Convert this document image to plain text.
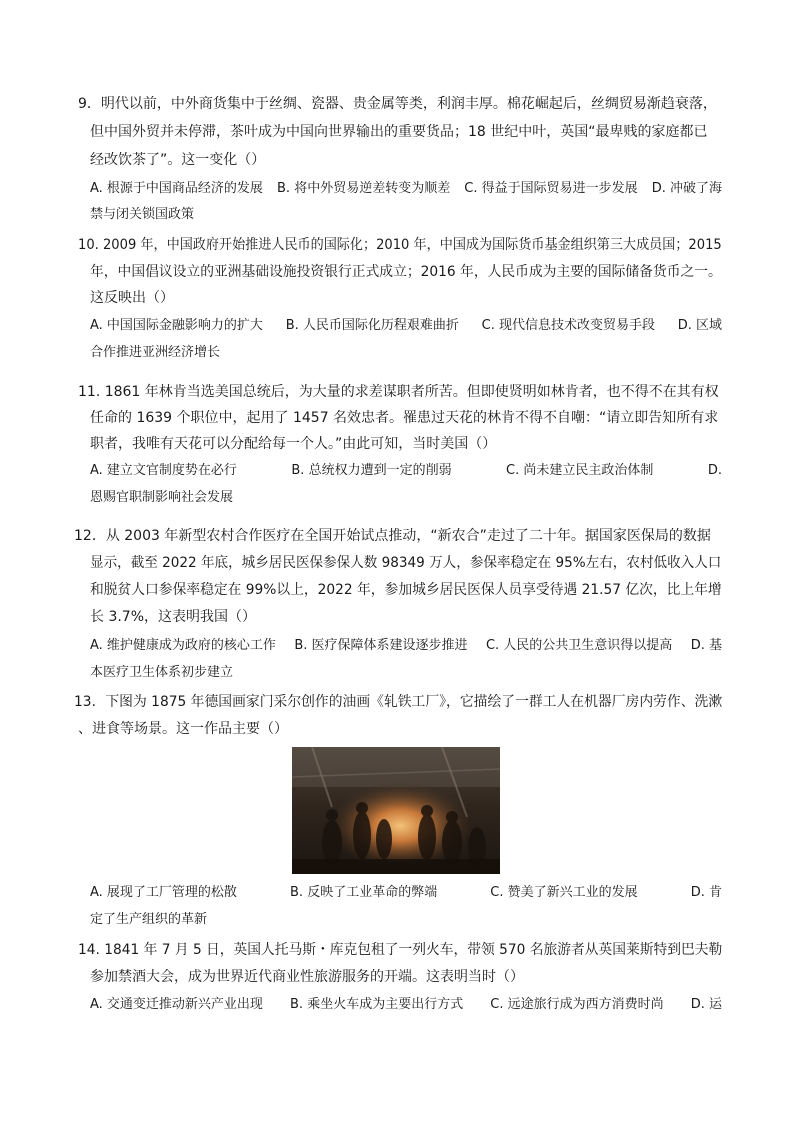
9．明代以前，中外商货集中于丝绸、瓷器、贵金属等类，利润丰厚。棉花崛起后，丝绸贸易渐趋衰落，
但中国外贸并未停滞，茶叶成为中国向世界输出的重要货品；18 世纪中叶，英国“最卑贱的家庭都已
经改饮茶了”。这一变化（）
A. 根源于中国商品经济的发展 B. 将中外贸易逆差转变为顺差 C. 得益于国际贸易进一步发展 D. 冲破了海
禁与闭关锁国政策
10. 2009 年，中国政府开始推进人民币的国际化；2010 年，中国成为国际货币基金组织第三大成员国；2015
年，中国倡议设立的亚洲基础设施投资银行正式成立；2016 年，人民币成为主要的国际储备货币之一。
这反映出（）
A. 中国国际金融影响力的扩大 B. 人民币国际化历程艰难曲折 C. 现代信息技术改变贸易手段 D. 区域
合作推进亚洲经济增长
11. 1861 年林肯当选美国总统后，为大量的求差谋职者所苦。但即使贤明如林肯者，也不得不在其有权
任命的 1639 个职位中，起用了 1457 名效忠者。罹患过天花的林肯不得不自嘲：“请立即告知所有求
职者，我唯有天花可以分配给每一个人。”由此可知，当时美国（）
A. 建立文官制度势在必行	B. 总统权力遭到一定的削弱	C. 尚未建立民主政治体制	D.
恩赐官职制影响社会发展
12．从 2003 年新型农村合作医疗在全国开始试点推动，“新农合”走过了二十年。据国家医保局的数据
显示，截至 2022 年底，城乡居民医保参保人数 98349 万人，参保率稳定在 95%左右，农村低收入人口
和脱贫人口参保率稳定在 99%以上，2022 年，参加城乡居民医保人员享受待遇 21.57 亿次，比上年增
长 3.7%，这表明我国（）
A. 维护健康成为政府的核心工作 B. 医疗保障体系建设逐步推进 C. 人民的公共卫生意识得以提高 D. 基
本医疗卫生体系初步建立
13．下图为 1875 年德国画家门采尔创作的油画《轧铁工厂》，它描绘了一群工人在机器厂房内劳作、洗漱
、进食等场景。这一作品主要（）
A. 展现了工厂管理的松散	B. 反映了工业革命的弊端	C. 赞美了新兴工业的发展	D. 肯
定了生产组织的革新
14. 1841 年 7 月 5 日，英国人托马斯・库克包租了一列火车，带领 570 名旅游者从英国莱斯特到巴夫勒
参加禁酒大会，成为世界近代商业性旅游服务的开端。这表明当时（）
A. 交通变迁推动新兴产业出现 B. 乘坐火车成为主要出行方式 C. 远途旅行成为西方消费时尚 D. 运
